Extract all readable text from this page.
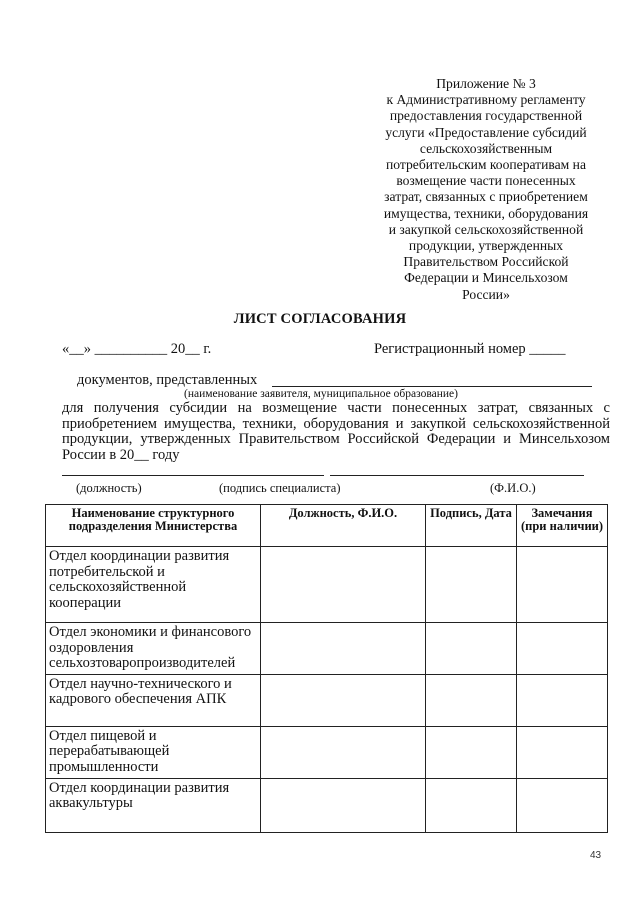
Приложение № 3
к Административному регламенту
предоставления государственной
услуги «Предоставление субсидий
сельскохозяйственным
потребительским кооперативам на
возмещение части понесенных
затрат, связанных с приобретением
имущества, техники, оборудования
и закупкой сельскохозяйственной
продукции, утвержденных
Правительством Российской
Федерации и Минсельхозом
России»
ЛИСТ СОГЛАСОВАНИЯ
«__» __________ 20__ г.	Регистрационный номер _____
документов, представленных
(наименование заявителя, муниципальное образование)
для получения субсидии на возмещение части понесенных затрат, связанных с приобретением имущества, техники, оборудования и закупкой сельскохозяйственной продукции, утвержденных Правительством Российской Федерации и Минсельхозом России в 20__ году
(должность)	(подпись специалиста)	(Ф.И.О.)
Наименование структурного подразделения Министерства	Должность, Ф.И.О.	Подпись, Дата	Замечания (при наличии)
Отдел координации развития потребительской и сельскохозяйственной кооперации			
Отдел экономики и финансового оздоровления сельхозтоваропроизводителей			
Отдел научно-технического и кадрового обеспечения АПК			
Отдел пищевой и перерабатывающей промышленности			
Отдел координации развития аквакультуры			
43
